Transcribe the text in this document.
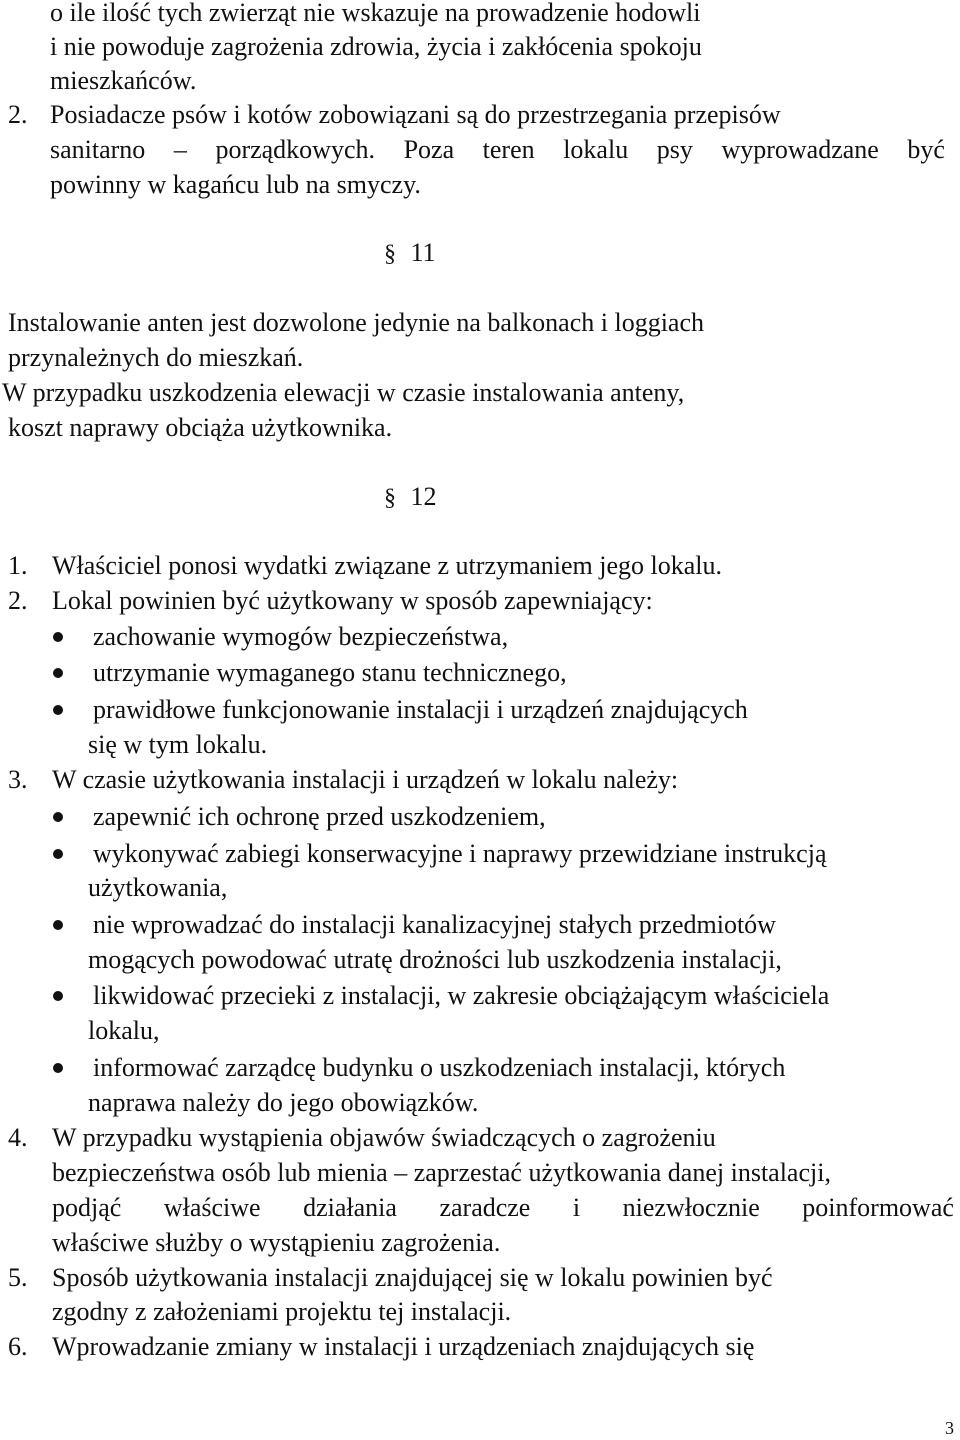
o ile ilość tych zwierząt nie wskazuje na prowadzenie hodowli
i nie powoduje zagrożenia zdrowia, życia i zakłócenia spokoju
mieszkańców.
2. Posiadacze psów i kotów zobowiązani są do przestrzegania przepisów
sanitarno – porządkowych. Poza teren lokalu psy wyprowadzane być
powinny w kagańcu lub na smyczy.
§ 11
Instalowanie anten jest dozwolone jedynie na balkonach i loggiach
przynależnych do mieszkań.
W przypadku uszkodzenia elewacji w czasie instalowania anteny,
koszt naprawy obciąża użytkownika.
§ 12
1. Właściciel ponosi wydatki związane z utrzymaniem jego lokalu.
2. Lokal powinien być użytkowany w sposób zapewniający:
zachowanie wymogów bezpieczeństwa,
utrzymanie wymaganego stanu technicznego,
prawidłowe funkcjonowanie instalacji i urządzeń znajdujących
się w tym lokalu.
3. W czasie użytkowania instalacji i urządzeń w lokalu należy:
zapewnić ich ochronę przed uszkodzeniem,
wykonywać zabiegi konserwacyjne i naprawy przewidziane instrukcją
użytkowania,
nie wprowadzać do instalacji kanalizacyjnej stałych przedmiotów
mogących powodować utratę drożności lub uszkodzenia instalacji,
likwidować przecieki z instalacji, w zakresie obciążającym właściciela
lokalu,
informować zarządcę budynku o uszkodzeniach instalacji, których
naprawa należy do jego obowiązków.
4. W przypadku wystąpienia objawów świadczących o zagrożeniu
bezpieczeństwa osób lub mienia – zaprzestać użytkowania danej instalacji,
podjąć właściwe działania zaradcze i niezwłocznie poinformować
właściwe służby o wystąpieniu zagrożenia.
5. Sposób użytkowania instalacji znajdującej się w lokalu powinien być
zgodny z założeniami projektu tej instalacji.
6. Wprowadzanie zmiany w instalacji i urządzeniach znajdujących się
3
